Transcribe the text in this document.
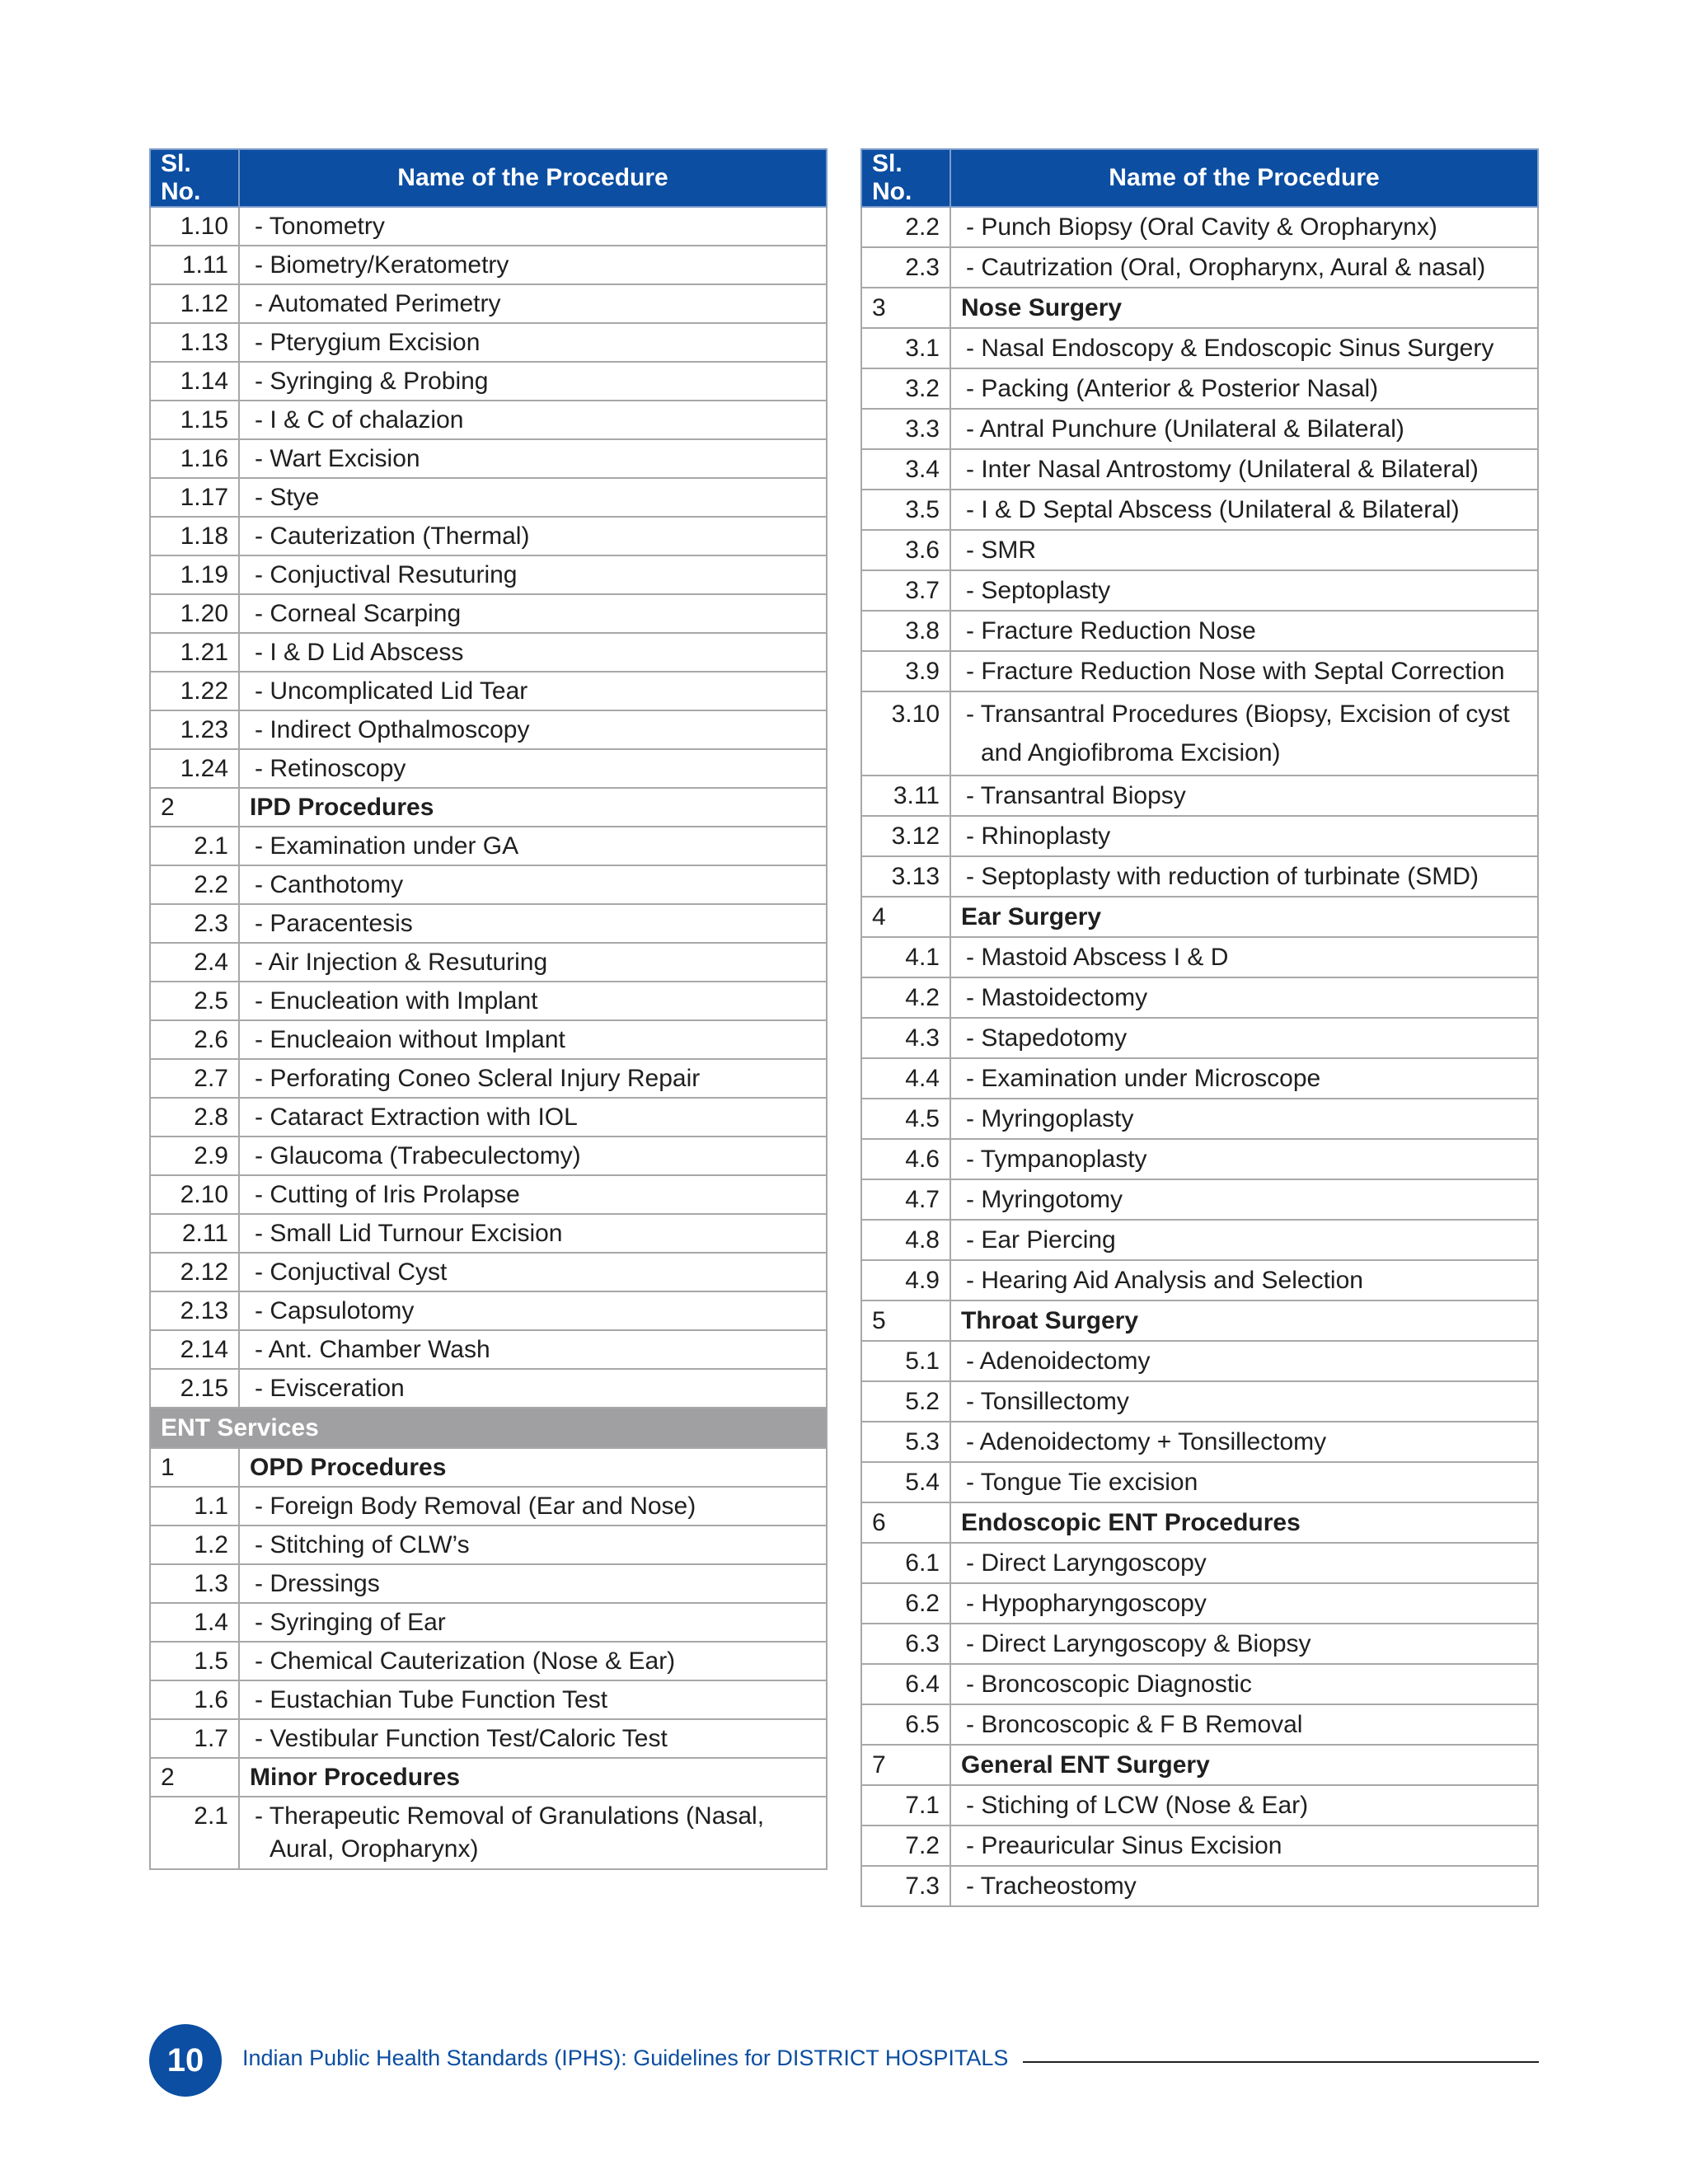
Sl. No.	Name of the Procedure
1.10	- Tonometry
1.11	- Biometry/Keratometry
1.12	- Automated Perimetry
1.13	- Pterygium Excision
1.14	- Syringing & Probing
1.15	- I & C of chalazion
1.16	- Wart Excision
1.17	- Stye
1.18	- Cauterization (Thermal)
1.19	- Conjuctival Resuturing
1.20	- Corneal Scarping
1.21	- I & D Lid Abscess
1.22	- Uncomplicated Lid Tear
1.23	- Indirect Opthalmoscopy
1.24	- Retinoscopy
2	IPD Procedures
2.1	- Examination under GA
2.2	- Canthotomy
2.3	- Paracentesis
2.4	- Air Injection & Resuturing
2.5	- Enucleation with Implant
2.6	- Enucleaion without Implant
2.7	- Perforating Coneo Scleral Injury Repair
2.8	- Cataract Extraction with IOL
2.9	- Glaucoma (Trabeculectomy)
2.10	- Cutting of Iris Prolapse
2.11	- Small Lid Turnour Excision
2.12	- Conjuctival Cyst
2.13	- Capsulotomy
2.14	- Ant. Chamber Wash
2.15	- Evisceration
ENT Services	
1	OPD Procedures
1.1	- Foreign Body Removal (Ear and Nose)
1.2	- Stitching of CLW’s
1.3	- Dressings
1.4	- Syringing of Ear
1.5	- Chemical Cauterization (Nose & Ear)
1.6	- Eustachian Tube Function Test
1.7	- Vestibular Function Test/Caloric Test
2	Minor Procedures
2.1	- Therapeutic Removal of Granulations (Nasal, Aural, Oropharynx)
Sl. No.	Name of the Procedure
2.2	- Punch Biopsy (Oral Cavity & Oropharynx)
2.3	- Cautrization (Oral, Oropharynx, Aural & nasal)
3	Nose Surgery
3.1	- Nasal Endoscopy & Endoscopic Sinus Surgery
3.2	- Packing (Anterior & Posterior Nasal)
3.3	- Antral Punchure (Unilateral & Bilateral)
3.4	- Inter Nasal Antrostomy (Unilateral & Bilateral)
3.5	- I & D Septal Abscess (Unilateral & Bilateral)
3.6	- SMR
3.7	- Septoplasty
3.8	- Fracture Reduction Nose
3.9	- Fracture Reduction Nose with Septal Correction
3.10	- Transantral Procedures (Biopsy, Excision of cyst and Angiofibroma Excision)

3.11	- Transantral Biopsy
3.12	- Rhinoplasty
3.13	- Septoplasty with reduction of turbinate (SMD)
4	Ear Surgery
4.1	- Mastoid Abscess I & D
4.2	- Mastoidectomy
4.3	- Stapedotomy
4.4	- Examination under Microscope
4.5	- Myringoplasty
4.6	- Tympanoplasty
4.7	- Myringotomy
4.8	- Ear Piercing
4.9	- Hearing Aid Analysis and Selection
5	Throat Surgery
5.1	- Adenoidectomy
5.2	- Tonsillectomy
5.3	- Adenoidectomy + Tonsillectomy
5.4	- Tongue Tie excision
6	Endoscopic ENT Procedures
6.1	- Direct Laryngoscopy
6.2	- Hypopharyngoscopy
6.3	- Direct Laryngoscopy & Biopsy
6.4	- Broncoscopic Diagnostic
6.5	- Broncoscopic & F B Removal
7	General ENT Surgery
7.1	- Stiching of LCW (Nose & Ear)
7.2	- Preauricular Sinus Excision
7.3	- Tracheostomy
10	Indian Public Health Standards (IPHS): Guidelines for DISTRICT HOSPITALS
